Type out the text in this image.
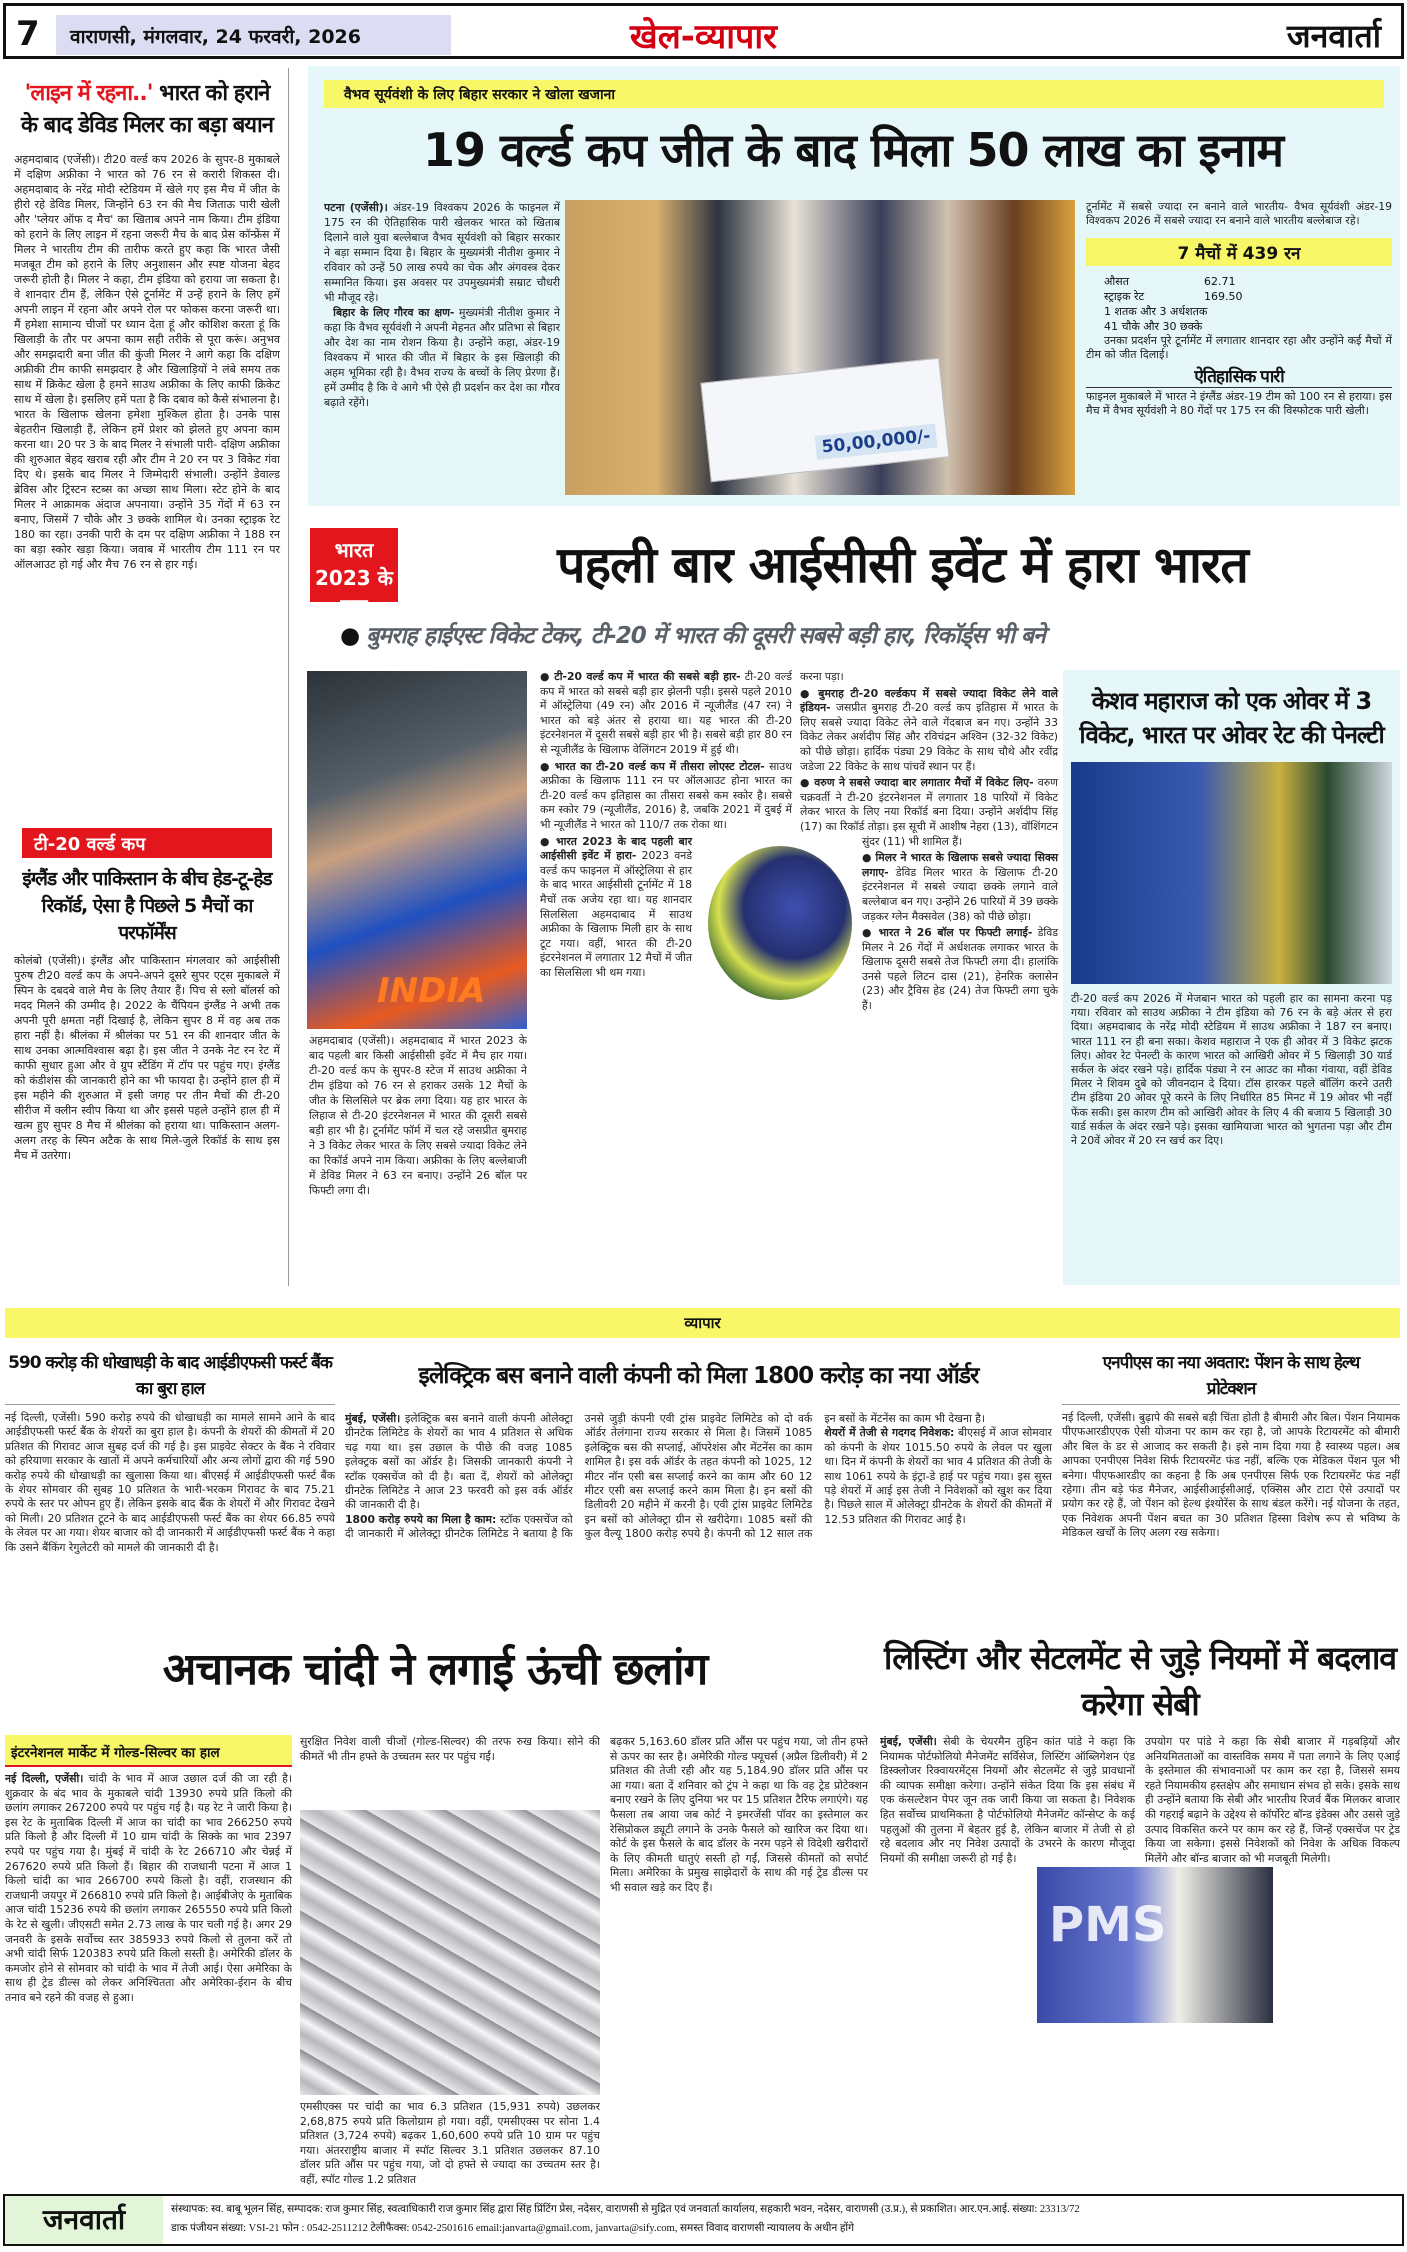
7	वाराणसी, मंगलवार, 24 फरवरी, 2026	खेल-व्यापार	जनवार्ता
'लाइन में रहना..' भारत को हराने के बाद डेविड मिलर का बड़ा बयान
अहमदाबाद (एजेंसी)। टी20 वर्ल्ड कप 2026 के सुपर-8 मुकाबले में दक्षिण अफ्रीका ने भारत को 76 रन से करारी शिकस्त दी। अहमदाबाद के नरेंद्र मोदी स्टेडियम में खेले गए इस मैच में जीत के हीरो रहे डेविड मिलर, जिन्होंने 63 रन की मैच जिताऊ पारी खेली और 'प्लेयर ऑफ द मैच' का खिताब अपने नाम किया। टीम इंडिया को हराने के लिए लाइन में रहना जरूरी मैच के बाद प्रेस कॉन्फ्रेंस में मिलर ने भारतीय टीम की तारीफ करते हुए कहा कि भारत जैसी मजबूत टीम को हराने के लिए अनुशासन और स्पष्ट योजना बेहद जरूरी होती है। मिलर ने कहा, टीम इंडिया को हराया जा सकता है। वे शानदार टीम हैं, लेकिन ऐसे टूर्नामेंट में उन्हें हराने के लिए हमें अपनी लाइन में रहना और अपने रोल पर फोकस करना जरूरी था। मैं हमेशा सामान्य चीजों पर ध्यान देता हूं और कोशिश करता हूं कि खिलाड़ी के तौर पर अपना काम सही तरीके से पूरा करूं। अनुभव और समझदारी बना जीत की कुंजी मिलर ने आगे कहा कि दक्षिण अफ्रीकी टीम काफी समझदार है और खिलाड़ियों ने लंबे समय तक साथ में क्रिकेट खेला है हमने साउथ अफ्रीका के लिए काफी क्रिकेट साथ में खेला है। इसलिए हमें पता है कि दबाव को कैसे संभालना है। भारत के खिलाफ खेलना हमेशा मुश्किल होता है। उनके पास बेहतरीन खिलाड़ी हैं, लेकिन हमें प्रेशर को झेलते हुए अपना काम करना था। 20 पर 3 के बाद मिलर ने संभाली पारी- दक्षिण अफ्रीका की शुरुआत बेहद खराब रही और टीम ने 20 रन पर 3 विकेट गंवा दिए थे। इसके बाद मिलर ने जिम्मेदारी संभाली। उन्होंने डेवाल्ड ब्रेविस और ट्रिस्टन स्टब्स का अच्छा साथ मिला। स्टेट होने के बाद मिलर ने आक्रामक अंदाज अपनाया। उन्होंने 35 गेंदों में 63 रन बनाए, जिसमें 7 चौके और 3 छक्के शामिल थे। उनका स्ट्राइक रेट 180 का रहा। उनकी पारी के दम पर दक्षिण अफ्रीका ने 188 रन का बड़ा स्कोर खड़ा किया। जवाब में भारतीय टीम 111 रन पर ऑलआउट हो गई और मैच 76 रन से हार गई।
टी-20 वर्ल्ड कप
इंग्लैंड और पाकिस्तान के बीच हेड-टू-हेड रिकॉर्ड, ऐसा है पिछले 5 मैचों का परफॉर्मेंस
कोलंबो (एजेंसी)। इंग्लैंड और पाकिस्तान मंगलवार को आईसीसी पुरुष टी20 वर्ल्ड कप के अपने-अपने दूसरे सुपर एट्स मुकाबले में स्पिन के दबदबे वाले मैच के लिए तैयार हैं। पिच से स्लो बॉलर्स को मदद मिलने की उम्मीद है। 2022 के चैंपियन इंग्लैंड ने अभी तक अपनी पूरी क्षमता नहीं दिखाई है, लेकिन सुपर 8 में वह अब तक हारा नहीं है। श्रीलंका में श्रीलंका पर 51 रन की शानदार जीत के साथ उनका आत्मविश्वास बढ़ा है। इस जीत ने उनके नेट रन रेट में काफी सुधार हुआ और वे ग्रुप स्टैंडिंग में टॉप पर पहुंच गए। इंग्लैंड को कंडीशंस की जानकारी होने का भी फायदा है। उन्होंने हाल ही में इस महीने की शुरुआत में इसी जगह पर तीन मैचों की टी-20 सीरीज में क्लीन स्वीप किया था और इससे पहले उन्होंने हाल ही में खत्म हुए सुपर 8 मैच में श्रीलंका को हराया था। पाकिस्तान अलग-अलग तरह के स्पिन अटैक के साथ मिले-जुले रिकॉर्ड के साथ इस मैच में उतरेगा।
वैभव सूर्यवंशी के लिए बिहार सरकार ने खोला खजाना
19 वर्ल्ड कप जीत के बाद मिला 50 लाख का इनाम
पटना (एजेंसी)। अंडर-19 विश्वकप 2026 के फाइनल में 175 रन की ऐतिहासिक पारी खेलकर भारत को खिताब दिलाने वाले युवा बल्लेबाज वैभव सूर्यवंशी को बिहार सरकार ने बड़ा सम्मान दिया है। बिहार के मुख्यमंत्री नीतीश कुमार ने रविवार को उन्हें 50 लाख रुपये का चेक और अंगवस्त्र देकर सम्मानित किया। इस अवसर पर उपमुख्यमंत्री सम्राट चौधरी भी मौजूद रहे।
बिहार के लिए गौरव का क्षण- मुख्यमंत्री नीतीश कुमार ने कहा कि वैभव सूर्यवंशी ने अपनी मेहनत और प्रतिभा से बिहार और देश का नाम रोशन किया है। उन्होंने कहा, अंडर-19 विश्वकप में भारत की जीत में बिहार के इस खिलाड़ी की अहम भूमिका रही है। वैभव राज्य के बच्चों के लिए प्रेरणा हैं। हमें उम्मीद है कि वे आगे भी ऐसे ही प्रदर्शन कर देश का गौरव बढ़ाते रहेंगे।
50,00,000/-
टूर्नामेंट में सबसे ज्यादा रन बनाने वाले भारतीय- वैभव सूर्यवंशी अंडर-19 विश्वकप 2026 में सबसे ज्यादा रन बनाने वाले भारतीय बल्लेबाज रहे।
7 मैचों में 439 रन
औसत	62.71
स्ट्राइक रेट	169.50
1 शतक और 3 अर्धशतक
41 चौके और 30 छक्के
उनका प्रदर्शन पूरे टूर्नामेंट में लगातार शानदार रहा और उन्होंने कई मैचों में टीम को जीत दिलाई।
ऐतिहासिक पारी
फाइनल मुकाबले में भारत ने इंग्लैंड अंडर-19 टीम को 100 रन से हराया। इस मैच में वैभव सूर्यवंशी ने 80 गेंदों पर 175 रन की विस्फोटक पारी खेली।
भारत 2023 के बाद
पहली बार आईसीसी इवेंट में हारा भारत
● बुमराह हाईएस्ट विकेट टेकर, टी-20 में भारत की दूसरी सबसे बड़ी हार, रिकॉर्ड्स भी बने
INDIA
अहमदाबाद (एजेंसी)। अहमदाबाद में भारत 2023 के बाद पहली बार किसी आईसीसी इवेंट में मैच हार गया। टी-20 वर्ल्ड कप के सुपर-8 स्टेज में साउथ अफ्रीका ने टीम इंडिया को 76 रन से हराकर उसके 12 मैचों के जीत के सिलसिले पर ब्रेक लगा दिया। यह हार भारत के लिहाज से टी-20 इंटरनेशनल में भारत की दूसरी सबसे बड़ी हार भी है। टूर्नामेंट फॉर्म में चल रहे जसप्रीत बुमराह ने 3 विकेट लेकर भारत के लिए सबसे ज्यादा विकेट लेने का रिकॉर्ड अपने नाम किया। अफ्रीका के लिए बल्लेबाजी में डेविड मिलर ने 63 रन बनाए। उन्होंने 26 बॉल पर फिफ्टी लगा दी।
● टी-20 वर्ल्ड कप में भारत की सबसे बड़ी हार- टी-20 वर्ल्ड कप में भारत को सबसे बड़ी हार झेलनी पड़ी। इससे पहले 2010 में ऑस्ट्रेलिया (49 रन) और 2016 में न्यूजीलैंड (47 रन) ने भारत को बड़े अंतर से हराया था। यह भारत की टी-20 इंटरनेशनल में दूसरी सबसे बड़ी हार भी है। सबसे बड़ी हार 80 रन से न्यूजीलैंड के खिलाफ वेलिंगटन 2019 में हुई थी।
● भारत का टी-20 वर्ल्ड कप में तीसरा लोएस्ट टोटल- साउथ अफ्रीका के खिलाफ 111 रन पर ऑलआउट होना भारत का टी-20 वर्ल्ड कप इतिहास का तीसरा सबसे कम स्कोर है। सबसे कम स्कोर 79 (न्यूजीलैंड, 2016) है, जबकि 2021 में दुबई में भी न्यूजीलैंड ने भारत को 110/7 तक रोका था।
● भारत 2023 के बाद पहली बार आईसीसी इवेंट में हारा- 2023 वनडे वर्ल्ड कप फाइनल में ऑस्ट्रेलिया से हार के बाद भारत आईसीसी टूर्नामेंट में 18 मैचों तक अजेय रहा था। यह शानदार सिलसिला अहमदाबाद में साउथ अफ्रीका के खिलाफ मिली हार के साथ टूट गया। वहीं, भारत की टी-20 इंटरनेशनल में लगातार 12 मैचों में जीत का सिलसिला भी थम गया।
करना पड़ा।
● बुमराह टी-20 वर्ल्डकप में सबसे ज्यादा विकेट लेने वाले इंडियन- जसप्रीत बुमराह टी-20 वर्ल्ड कप इतिहास में भारत के लिए सबसे ज्यादा विकेट लेने वाले गेंदबाज बन गए। उन्होंने 33 विकेट लेकर अर्शदीप सिंह और रविचंद्रन अश्विन (32-32 विकेट) को पीछे छोड़ा। हार्दिक पंड्या 29 विकेट के साथ चौथे और रवींद्र जडेजा 22 विकेट के साथ पांचवें स्थान पर हैं।
● वरुण ने सबसे ज्यादा बार लगातार मैचों में विकेट लिए- वरुण चक्रवर्ती ने टी-20 इंटरनेशनल में लगातार 18 पारियों में विकेट लेकर भारत के लिए नया रिकॉर्ड बना दिया। उन्होंने अर्शदीप सिंह (17) का रिकॉर्ड तोड़ा। इस सूची में आशीष नेहरा (13), वॉशिंगटन सुंदर (11) भी शामिल हैं।
● मिलर ने भारत के खिलाफ सबसे ज्यादा सिक्स लगाए- डेविड मिलर भारत के खिलाफ टी-20 इंटरनेशनल में सबसे ज्यादा छक्के लगाने वाले बल्लेबाज बन गए। उन्होंने 26 पारियों में 39 छक्के जड़कर ग्लेन मैक्सवेल (38) को पीछे छोड़ा।
● भारत ने 26 बॉल पर फिफ्टी लगाई- डेविड मिलर ने 26 गेंदों में अर्धशतक लगाकर भारत के खिलाफ दूसरी सबसे तेज फिफ्टी लगा दी। हालांकि उनसे पहले लिटन दास (21), हेनरिक क्लासेन (23) और ट्रैविस हेड (24) तेज फिफ्टी लगा चुके हैं।
केशव महाराज को एक ओवर में 3 विकेट, भारत पर ओवर रेट की पेनल्टी
टी-20 वर्ल्ड कप 2026 में मेजबान भारत को पहली हार का सामना करना पड़ गया। रविवार को साउथ अफ्रीका ने टीम इंडिया को 76 रन के बड़े अंतर से हरा दिया। अहमदाबाद के नरेंद्र मोदी स्टेडियम में साउथ अफ्रीका ने 187 रन बनाए। भारत 111 रन ही बना सका। केशव महाराज ने एक ही ओवर में 3 विकेट झटक लिए। ओवर रेट पेनल्टी के कारण भारत को आखिरी ओवर में 5 खिलाड़ी 30 यार्ड सर्कल के अंदर रखने पड़े। हार्दिक पंड्या ने रन आउट का मौका गंवाया, वहीं डेविड मिलर ने शिवम दुबे को जीवनदान दे दिया। टॉस हारकर पहले बॉलिंग करने उतरी टीम इंडिया 20 ओवर पूरे करने के लिए निर्धारित 85 मिनट में 19 ओवर भी नहीं फेंक सकी। इस कारण टीम को आखिरी ओवर के लिए 4 की बजाय 5 खिलाड़ी 30 यार्ड सर्कल के अंदर रखने पड़े। इसका खामियाजा भारत को भुगतना पड़ा और टीम ने 20वें ओवर में 20 रन खर्च कर दिए।
व्यापार
590 करोड़ की धोखाधड़ी के बाद आईडीएफसी फर्स्ट बैंक का बुरा हाल
नई दिल्ली, एजेंसी। 590 करोड़ रुपये की धोखाधड़ी का मामले सामने आने के बाद आईडीएफसी फर्स्ट बैंक के शेयरों का बुरा हाल है। कंपनी के शेयरों की कीमतों में 20 प्रतिशत की गिरावट आज सुबह दर्ज की गई है। इस प्राइवेट सेक्टर के बैंक ने रविवार को हरियाणा सरकार के खातों में अपने कर्मचारियों और अन्य लोगों द्वारा की गई 590 करोड़ रुपये की धोखाधड़ी का खुलासा किया था। बीएसई में आईडीएफसी फर्स्ट बैंक के शेयर सोमवार की सुबह 10 प्रतिशत के भारी-भरकम गिरावट के बाद 75.21 रुपये के स्तर पर ओपन हुए हैं। लेकिन इसके बाद बैंक के शेयरों में और गिरावट देखने को मिली। 20 प्रतिशत टूटने के बाद आईडीएफसी फर्स्ट बैंक का शेयर 66.85 रुपये के लेवल पर आ गया। शेयर बाजार को दी जानकारी में आईडीएफसी फर्स्ट बैंक ने कहा कि उसने बैंकिंग रेगुलेटरी को मामले की जानकारी दी है।
इलेक्ट्रिक बस बनाने वाली कंपनी को मिला 1800 करोड़ का नया ऑर्डर
मुंबई, एजेंसी। इलेक्ट्रिक बस बनाने वाली कंपनी ओलेक्ट्रा ग्रीनटेक लिमिटेड के शेयरों का भाव 4 प्रतिशत से अधिक चढ़ गया था। इस उछाल के पीछे की वजह 1085 इलेक्ट्रक बसों का ऑर्डर है। जिसकी जानकारी कंपनी ने स्टॉक एक्सचेंज को दी है। बता दें, शेयरों को ओलेक्ट्रा ग्रीनटेक लिमिटेड ने आज 23 फरवरी को इस वर्क ऑर्डर की जानकारी दी है।
1800 करोड़ रुपये का मिला है काम: स्टॉक एक्सचेंज को दी जानकारी में ओलेक्ट्रा ग्रीनटेक लिमिटेड ने बताया है कि उनसे जुड़ी कंपनी एवी ट्रांस प्राइवेट लिमिटेड को दो वर्क ऑर्डर तेलंगाना राज्य सरकार से मिला है। जिसमें 1085 इलेक्ट्रिक बस की सप्लाई, ऑपरेशंस और मेंटनेंस का काम शामिल है। इस वर्क ऑर्डर के तहत कंपनी को 1025, 12 मीटर नॉन एसी बस सप्लाई करने का काम और 60 12 मीटर एसी बस सप्लाई करने काम मिला है। इन बसों की डिलीवरी 20 महीने में करनी है। एवी ट्रांस प्राइवेट लिमिटेड इन बसों को ओलेक्ट्रा ग्रीन से खरीदेगा। 1085 बसों की कुल वैल्यू 1800 करोड़ रुपये है। कंपनी को 12 साल तक इन बसों के मेंटनेंस का काम भी देखना है।
शेयरों में तेजी से गदगद निवेशक: बीएसई में आज सोमवार को कंपनी के शेयर 1015.50 रुपये के लेवल पर खुला था। दिन में कंपनी के शेयरों का भाव 4 प्रतिशत की तेजी के साथ 1061 रुपये के इंट्रा-डे हाई पर पहुंच गया। इस सुस्त पड़े शेयरों में आई इस तेजी ने निवेशकों को खुश कर दिया है। पिछले साल में ओलेक्ट्रा ग्रीनटेक के शेयरों की कीमतों में 12.53 प्रतिशत की गिरावट आई है।
एनपीएस का नया अवतार: पेंशन के साथ हेल्थ प्रोटेक्शन
नई दिल्ली, एजेंसी। बुढ़ापे की सबसे बड़ी चिंता होती है बीमारी और बिल। पेंशन नियामक पीएफआरडीएएक ऐसी योजना पर काम कर रहा है, जो आपके रिटायरमेंट को बीमारी और बिल के डर से आजाद कर सकती है। इसे नाम दिया गया है स्वास्थ्य पहल। अब आपका एनपीएस निवेश सिर्फ रिटायरमेंट फंड नहीं, बल्कि एक मेडिकल पेंशन पूल भी बनेगा। पीएफआरडीए का कहना है कि अब एनपीएस सिर्फ एक रिटायरमेंट फंड नहीं रहेगा। तीन बड़े फंड मैनेजर, आईसीआईसीआई, एक्सिस और टाटा ऐसे उत्पादों पर प्रयोग कर रहे हैं, जो पेंशन को हेल्थ इंश्योरेंस के साथ बंडल करेंगे। नई योजना के तहत, एक निवेशक अपनी पेंशन बचत का 30 प्रतिशत हिस्सा विशेष रूप से भविष्य के मेडिकल खर्चों के लिए अलग रख सकेगा।
अचानक चांदी ने लगाई ऊंची छलांग
इंटरनेशनल मार्केट में गोल्ड-सिल्वर का हाल
नई दिल्ली, एजेंसी। चांदी के भाव में आज उछाल दर्ज की जा रही है। शुक्रवार के बंद भाव के मुकाबले चांदी 13930 रुपये प्रति किलो की छलांग लगाकर 267200 रुपये पर पहुंच गई है। यह रेट ने जारी किया है। इस रेट के मुताबिक दिल्ली में आज का चांदी का भाव 266250 रुपये प्रति किलो है और दिल्ली में 10 ग्राम चांदी के सिक्के का भाव 2397 रुपये पर पहुंच गया है। मुंबई में चांदी के रेट 266710 और चेन्नई में 267620 रुपये प्रति किलो हैं। बिहार की राजधानी पटना में आज 1 किलो चांदी का भाव 266700 रुपये किलो है। वहीं, राजस्थान की राजधानी जयपुर में 266810 रुपये प्रति किलो है। आईबीजेए के मुताबिक आज चांदी 15236 रुपये की छलांग लगाकर 265550 रुपये प्रति किलो के रेट से खुली। जीएसटी समेत 2.73 लाख के पार चली गई है। अगर 29 जनवरी के इसके सर्वोच्च स्तर 385933 रुपये किलो से तुलना करें तो अभी चांदी सिर्फ 120383 रुपये प्रति किलो सस्ती है। अमेरिकी डॉलर के कमजोर होने से सोमवार को चांदी के भाव में तेजी आई। ऐसा अमेरिका के साथ ही ट्रेड डील्स को लेकर अनिश्चितता और अमेरिका-ईरान के बीच तनाव बने रहने की वजह से हुआ।
सुरक्षित निवेश वाली चीजों (गोल्ड-सिल्वर) की तरफ रुख किया। सोने की कीमतें भी तीन हफ्ते के उच्चतम स्तर पर पहुंच गईं।
एमसीएक्स पर चांदी का भाव 6.3 प्रतिशत (15,931 रुपये) उछलकर 2,68,875 रुपये प्रति किलोग्राम हो गया। वहीं, एमसीएक्स पर सोना 1.4 प्रतिशत (3,724 रुपये) बढ़कर 1,60,600 रुपये प्रति 10 ग्राम पर पहुंच गया। अंतरराष्ट्रीय बाजार में स्पॉट सिल्वर 3.1 प्रतिशत उछलकर 87.10 डॉलर प्रति औंस पर पहुंच गया, जो दो हफ्ते से ज्यादा का उच्चतम स्तर है। वहीं, स्पॉट गोल्ड 1.2 प्रतिशत
बढ़कर 5,163.60 डॉलर प्रति औंस पर पहुंच गया, जो तीन हफ्ते से ऊपर का स्तर है। अमेरिकी गोल्ड फ्यूचर्स (अप्रैल डिलीवरी) में 2 प्रतिशत की तेजी रही और यह 5,184.90 डॉलर प्रति औंस पर आ गया। बता दें शनिवार को ट्रंप ने कहा था कि वह ट्रेड प्रोटेक्शन बनाए रखने के लिए दुनिया भर पर 15 प्रतिशत टैरिफ लगाएंगे। यह फैसला तब आया जब कोर्ट ने इमरजेंसी पॉवर का इस्तेमाल कर रेसिप्रोकल ड्यूटी लगाने के उनके फैसले को खारिज कर दिया था। कोर्ट के इस फैसले के बाद डॉलर के नरम पड़ने से विदेशी खरीदारों के लिए कीमती धातुएं सस्ती हो गईं, जिससे कीमतों को सपोर्ट मिला। अमेरिका के प्रमुख साझेदारों के साथ की गई ट्रेड डील्स पर भी सवाल खड़े कर दिए हैं।
लिस्टिंग और सेटलमेंट से जुड़े नियमों में बदलाव करेगा सेबी
मुंबई, एजेंसी। सेबी के चेयरमैन तुहिन कांत पांडे ने कहा कि नियामक पोर्टफोलियो मैनेजमेंट सर्विसेज, लिस्टिंग ऑब्लिगेशन एंड डिस्क्लोजर रिक्वायरमेंट्स नियमों और सेटलमेंट से जुड़े प्रावधानों की व्यापक समीक्षा करेगा। उन्होंने संकेत दिया कि इस संबंध में एक कंसल्टेशन पेपर जून तक जारी किया जा सकता है। निवेशक हित सर्वोच्च प्राथमिकता है पोर्टफोलियो मैनेजमेंट कॉन्सेप्ट के कई पहलुओं की तुलना में बेहतर हुई है, लेकिन बाजार में तेजी से हो रहे बदलाव और नए निवेश उत्पादों के उभरने के कारण मौजूदा नियमों की समीक्षा जरूरी हो गई है।
उपयोग पर पांडे ने कहा कि सेबी बाजार में गड़बड़ियों और अनियमितताओं का वास्तविक समय में पता लगाने के लिए एआई के इस्तेमाल की संभावनाओं पर काम कर रहा है, जिससे समय रहते नियामकीय हस्तक्षेप और समाधान संभव हो सके। इसके साथ ही उन्होंने बताया कि सेबी और भारतीय रिजर्व बैंक मिलकर बाजार की गहराई बढ़ाने के उद्देश्य से कॉर्पोरेट बॉन्ड इंडेक्स और उससे जुड़े उत्पाद विकसित करने पर काम कर रहे हैं, जिन्हें एक्सचेंज पर ट्रेड किया जा सकेगा। इससे निवेशकों को निवेश के अधिक विकल्प मिलेंगे और बॉन्ड बाजार को भी मजबूती मिलेगी।
PMS
जनवार्ता	संस्थापक: स्व. बाबू भूलन सिंह, सम्पादक: राज कुमार सिंह, स्वत्वाधिकारी राज कुमार सिंह द्वारा सिंह प्रिंटिंग प्रेस, नदेसर, वाराणसी से मुद्रित एवं जनवार्ता कार्यालय, सहकारी भवन, नदेसर, वाराणसी (उ.प्र.), से प्रकाशित। आर.एन.आई. संख्या: 23313/72
डाक पंजीयन संख्या: VSI-21 फोन : 0542-2511212 टेलीफैक्स: 0542-2501616 email:janvarta@gmail.com, janvarta@sify.com, समस्त विवाद वाराणसी न्यायालय के अधीन होंगे
